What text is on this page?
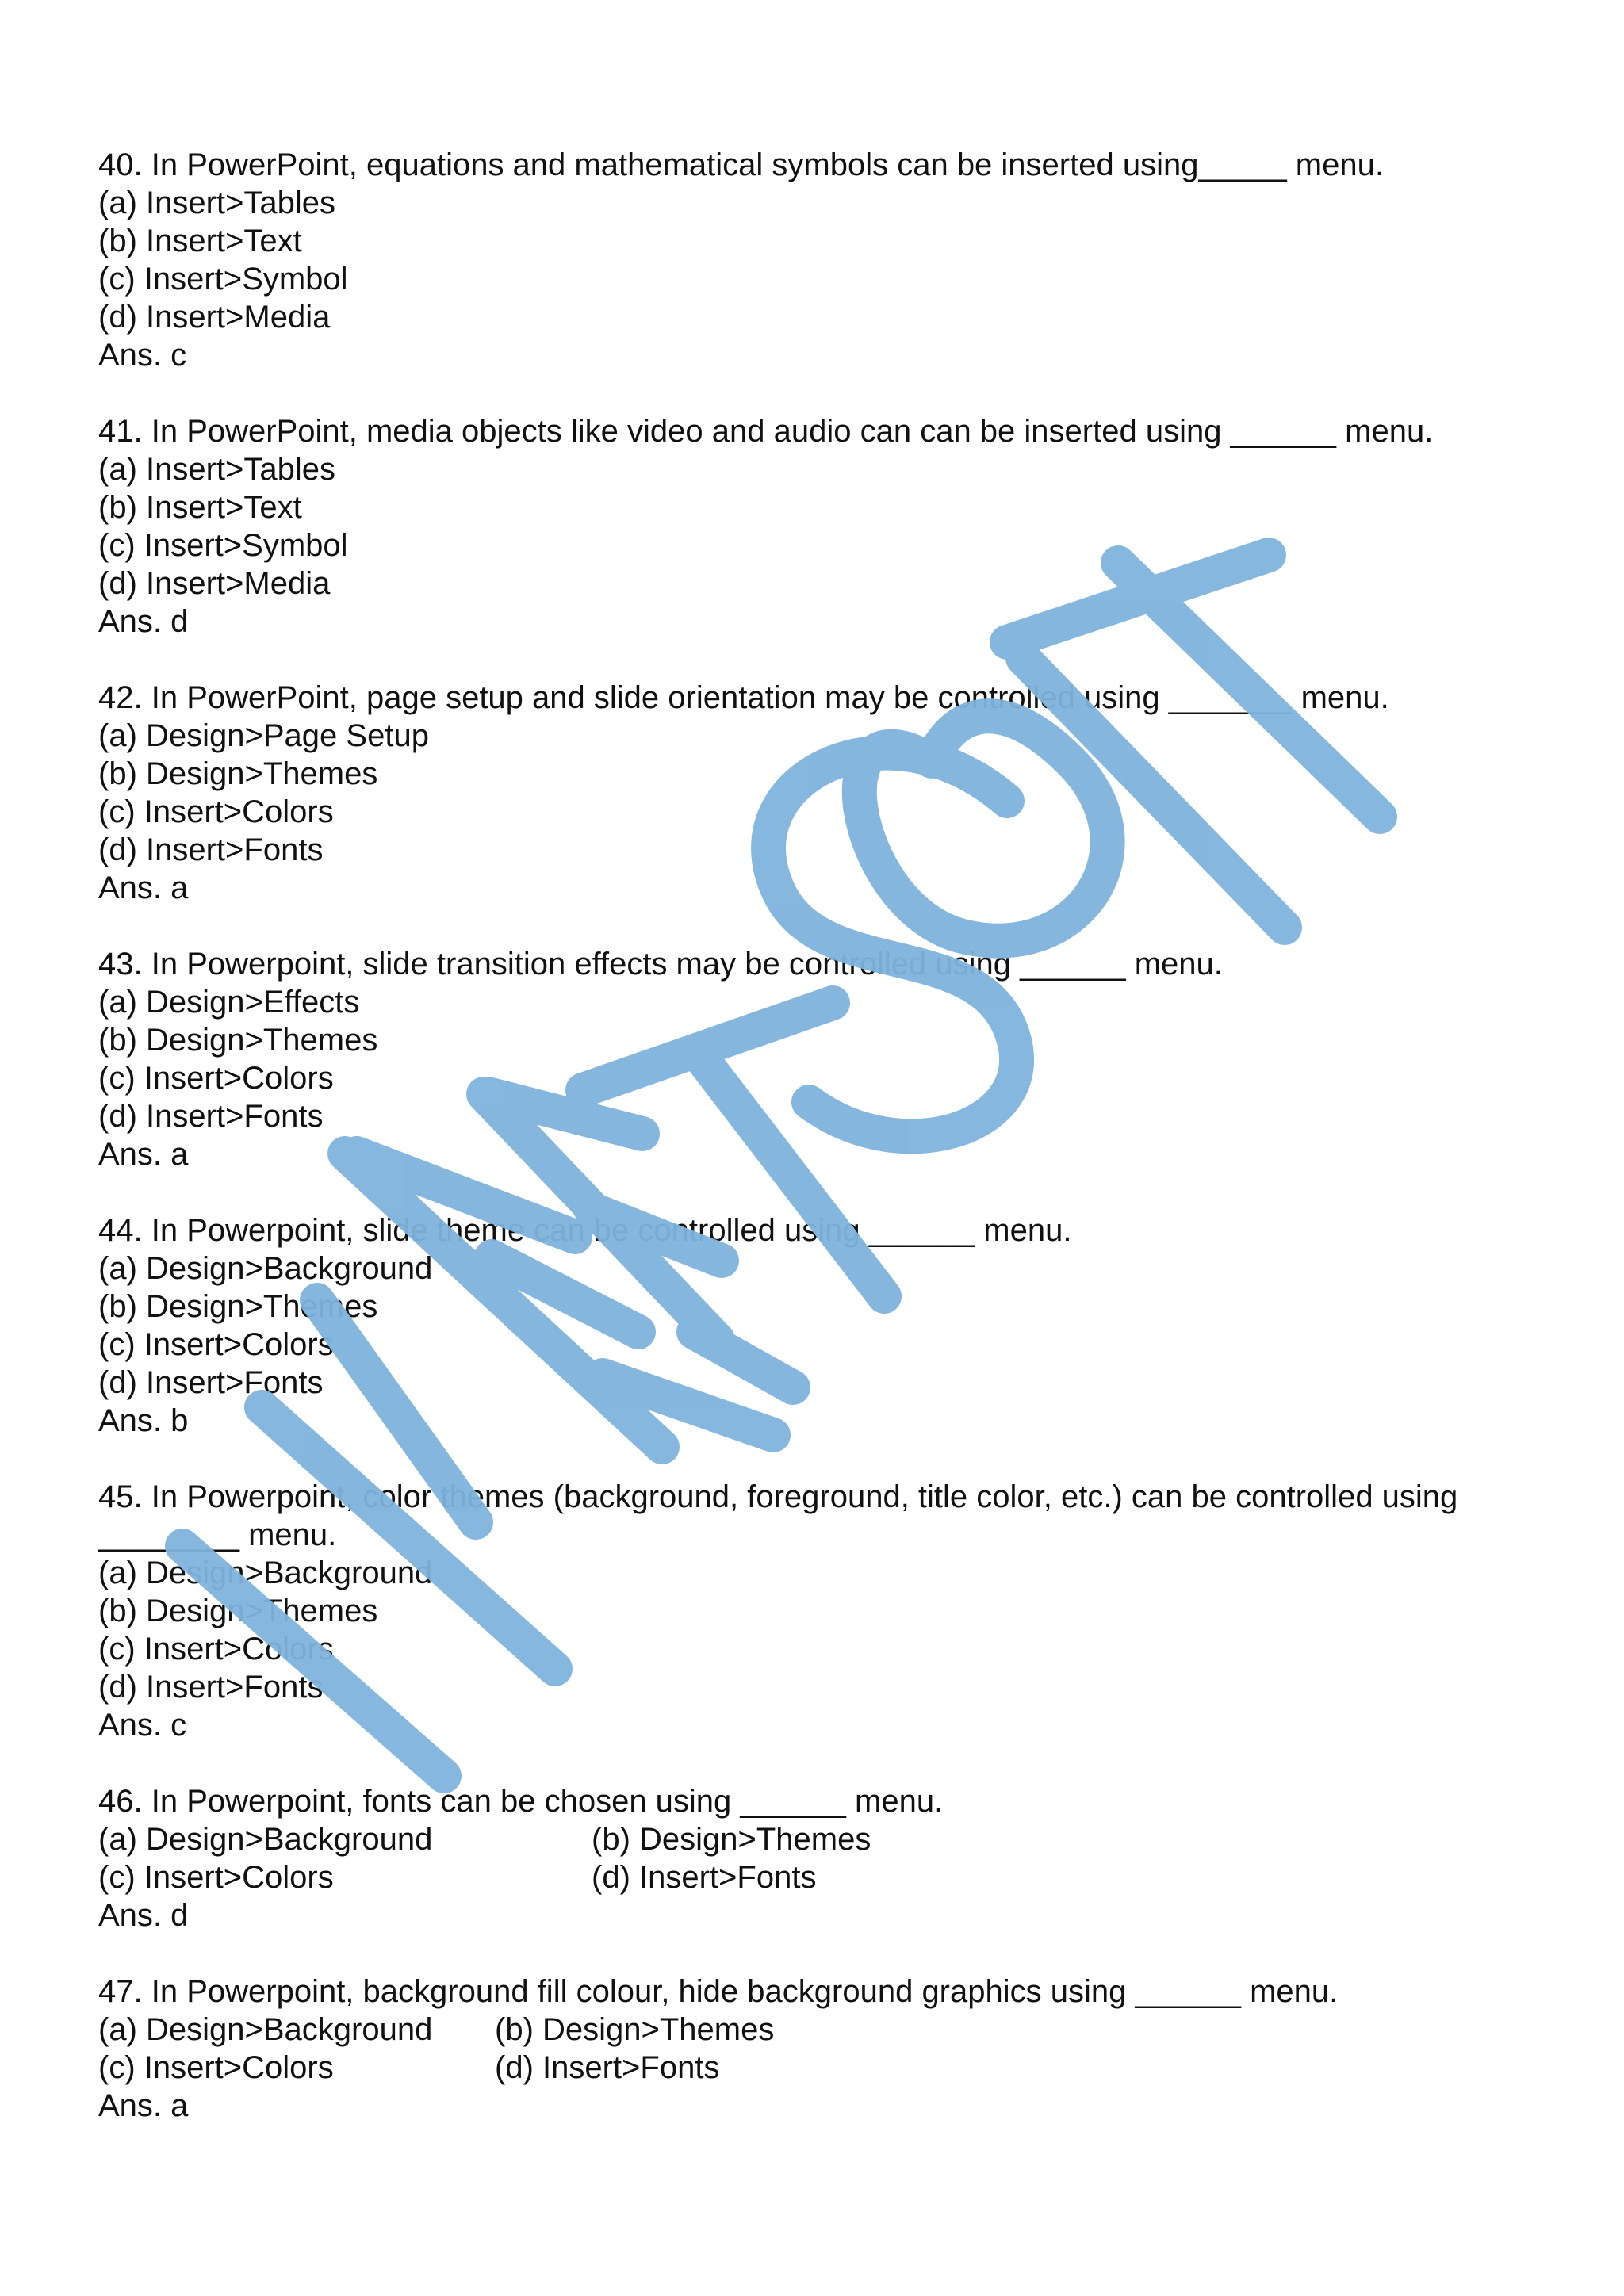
40. In PowerPoint, equations and mathematical symbols can be inserted using_____ menu.
(a) Insert>Tables
(b) Insert>Text
(c) Insert>Symbol
(d) Insert>Media
Ans. c
41. In PowerPoint, media objects like video and audio can can be inserted using ______ menu.
(a) Insert>Tables
(b) Insert>Text
(c) Insert>Symbol
(d) Insert>Media
Ans. d
42. In PowerPoint, page setup and slide orientation may be controlled using _______ menu.
(a) Design>Page Setup
(b) Design>Themes
(c) Insert>Colors
(d) Insert>Fonts
Ans. a
43. In Powerpoint, slide transition effects may be controlled using ______ menu.
(a) Design>Effects
(b) Design>Themes
(c) Insert>Colors
(d) Insert>Fonts
Ans. a
44. In Powerpoint, slide theme can be controlled using ______ menu.
(a) Design>Background
(b) Design>Themes
(c) Insert>Colors
(d) Insert>Fonts
Ans. b
45. In Powerpoint, color themes (background, foreground, title color, etc.) can be controlled using
________ menu.
(a) Design>Background
(b) Design>Themes
(c) Insert>Colors
(d) Insert>Fonts
Ans. c
46. In Powerpoint, fonts can be chosen using ______ menu.
(a) Design>Background	(b) Design>Themes
(c) Insert>Colors	(d) Insert>Fonts
Ans. d
47. In Powerpoint, background fill colour, hide background graphics using ______ menu.
(a) Design>Background	(b) Design>Themes
(c) Insert>Colors	(d) Insert>Fonts
Ans. a
